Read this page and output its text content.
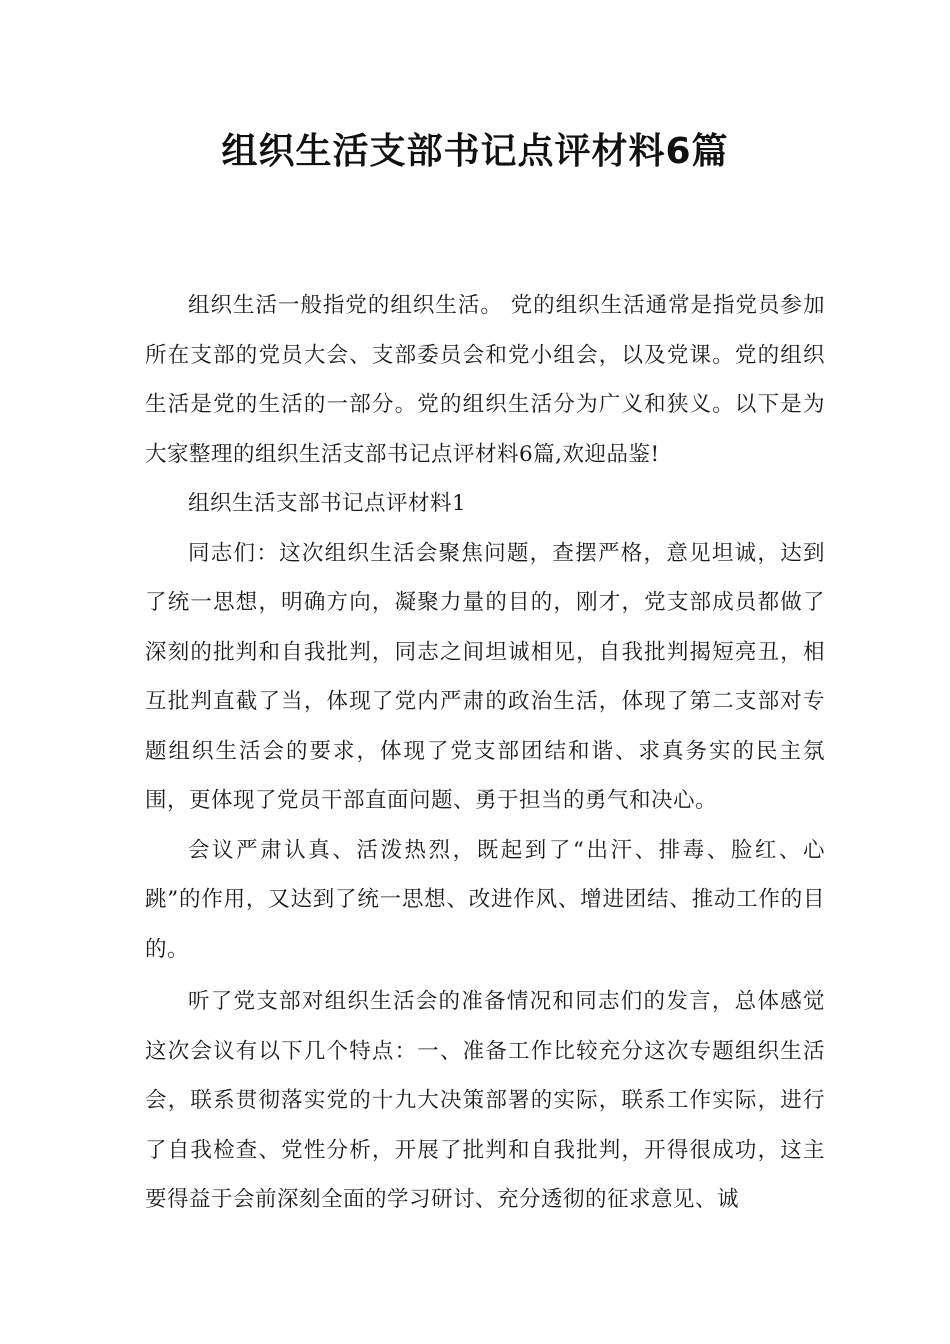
组织生活支部书记点评材料6篇

组织生活一般指党的组织生活。 党的组织生活通常是指党员参加所在支部的党员大会、支部委员会和党小组会，以及党课。党的组织生活是党的生活的一部分。党的组织生活分为广义和狭义。以下是为大家整理的组织生活支部书记点评材料6篇,欢迎品鉴!

组织生活支部书记点评材料1

同志们：这次组织生活会聚焦问题，查摆严格，意见坦诚，达到了统一思想，明确方向，凝聚力量的目的，刚才，党支部成员都做了深刻的批判和自我批判，同志之间坦诚相见，自我批判揭短亮丑，相互批判直截了当，体现了党内严肃的政治生活，体现了第二支部对专题组织生活会的要求，体现了党支部团结和谐、求真务实的民主氛围，更体现了党员干部直面问题、勇于担当的勇气和决心。

会议严肃认真、活泼热烈，既起到了“出汗、排毒、脸红、心跳”的作用，又达到了统一思想、改进作风、增进团结、推动工作的目的。

听了党支部对组织生活会的准备情况和同志们的发言，总体感觉这次会议有以下几个特点：一、准备工作比较充分这次专题组织生活会，联系贯彻落实党的十九大决策部署的实际，联系工作实际，进行了自我检查、党性分析，开展了批判和自我批判，开得很成功，这主要得益于会前深刻全面的学习研讨、充分透彻的征求意见、诚
